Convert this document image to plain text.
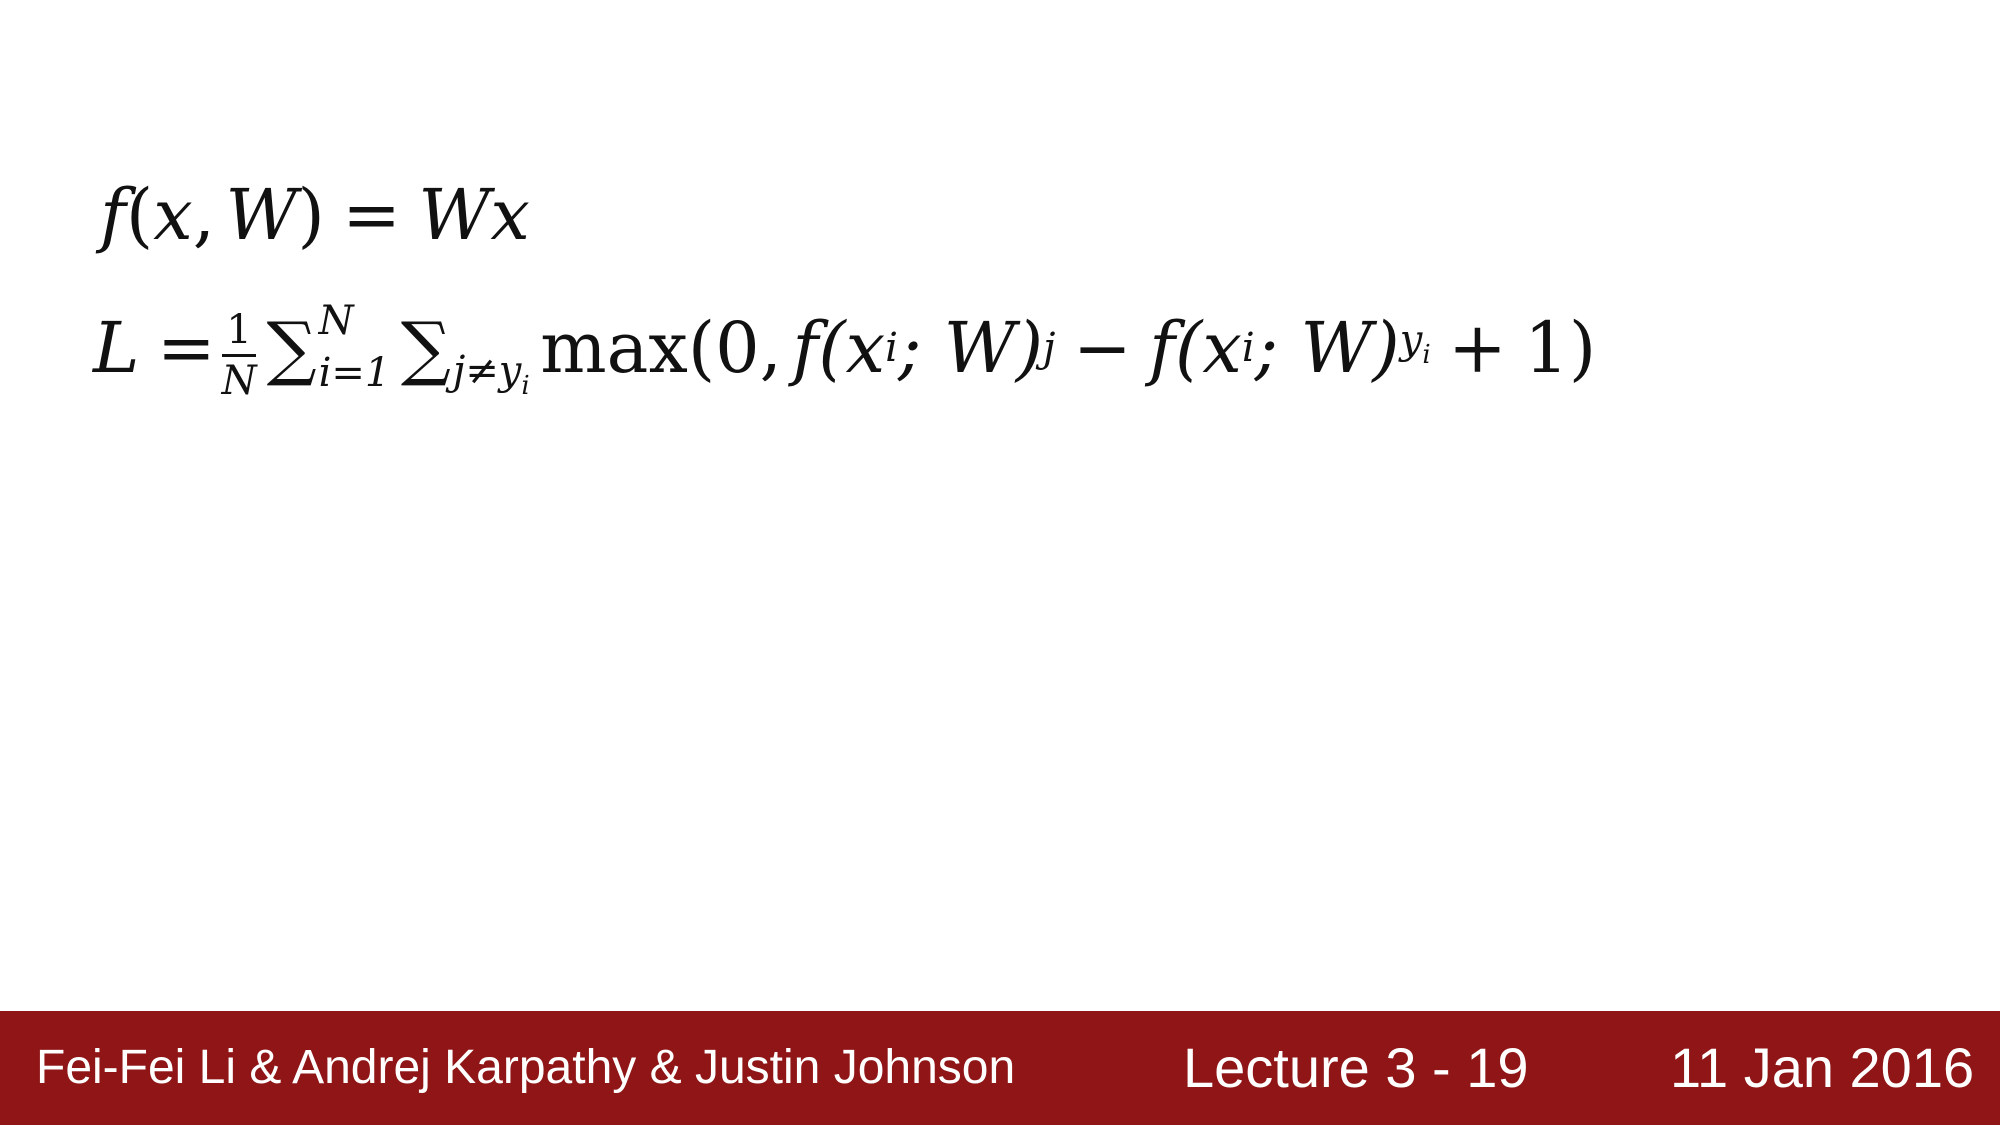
f(x, W) = Wx
$L = \frac{1}{N}$ ∑ N
i=1 ∑ $j\ne y_i$ max (0, f (x i ; W) j − f (x i ; W) $y_i + 1$)
Fei-Fei Li & Andrej Karpathy & Justin Johnson	Lecture 3 - 19	11 Jan 2016
